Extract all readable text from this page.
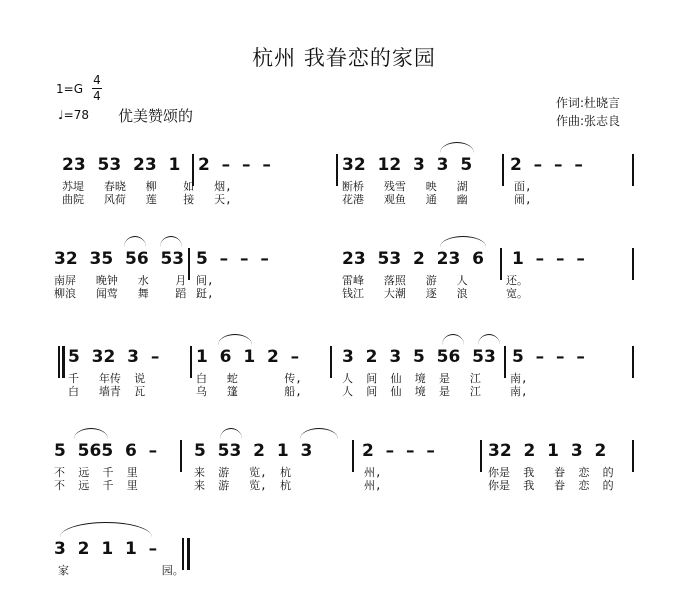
杭州 我眷恋的家园
1=G
4
4
♩=78 优美赞颂的
作词:杜晓言
作曲:张志良
23  53  23  1 2  –  –  –	32  12  3  3  5 2  –  –  –
苏堤   春晓   柳    如   烟,
曲院   风荷   莲    接   天,
断桥   残雪   映   湖
花港   观鱼   通   幽
面,
闹,
32  35  56  53 5  –  –  –	23  53  2  23  6 1  –  –  –
南屏   晚钟   水    月
柳浪   闻莺   舞    蹈
间,
跹,
雷峰   落照   游   人
钱江   大潮   逐   浪
还。
宽。
5  32  3  – 1  6  1  2  –	3  2  3  5  56  53 5  –  –  –
千   年传  说
白   墙青  瓦
白   蛇       传,
乌   篷       船,
人  间  仙  境  是   江
人  间  仙  境  是   江
南,
南,
5  565  6  – 5  53  2  1  3	2  –  –  –	32  2  1  3  2
不  远  千  里
不  远  千  里
来  游   览,  杭
来  游   览,  杭
州,
州,
你是  我   眷  恋  的
你是  我   眷  恋  的
3  2  1  1  –
家              园。
